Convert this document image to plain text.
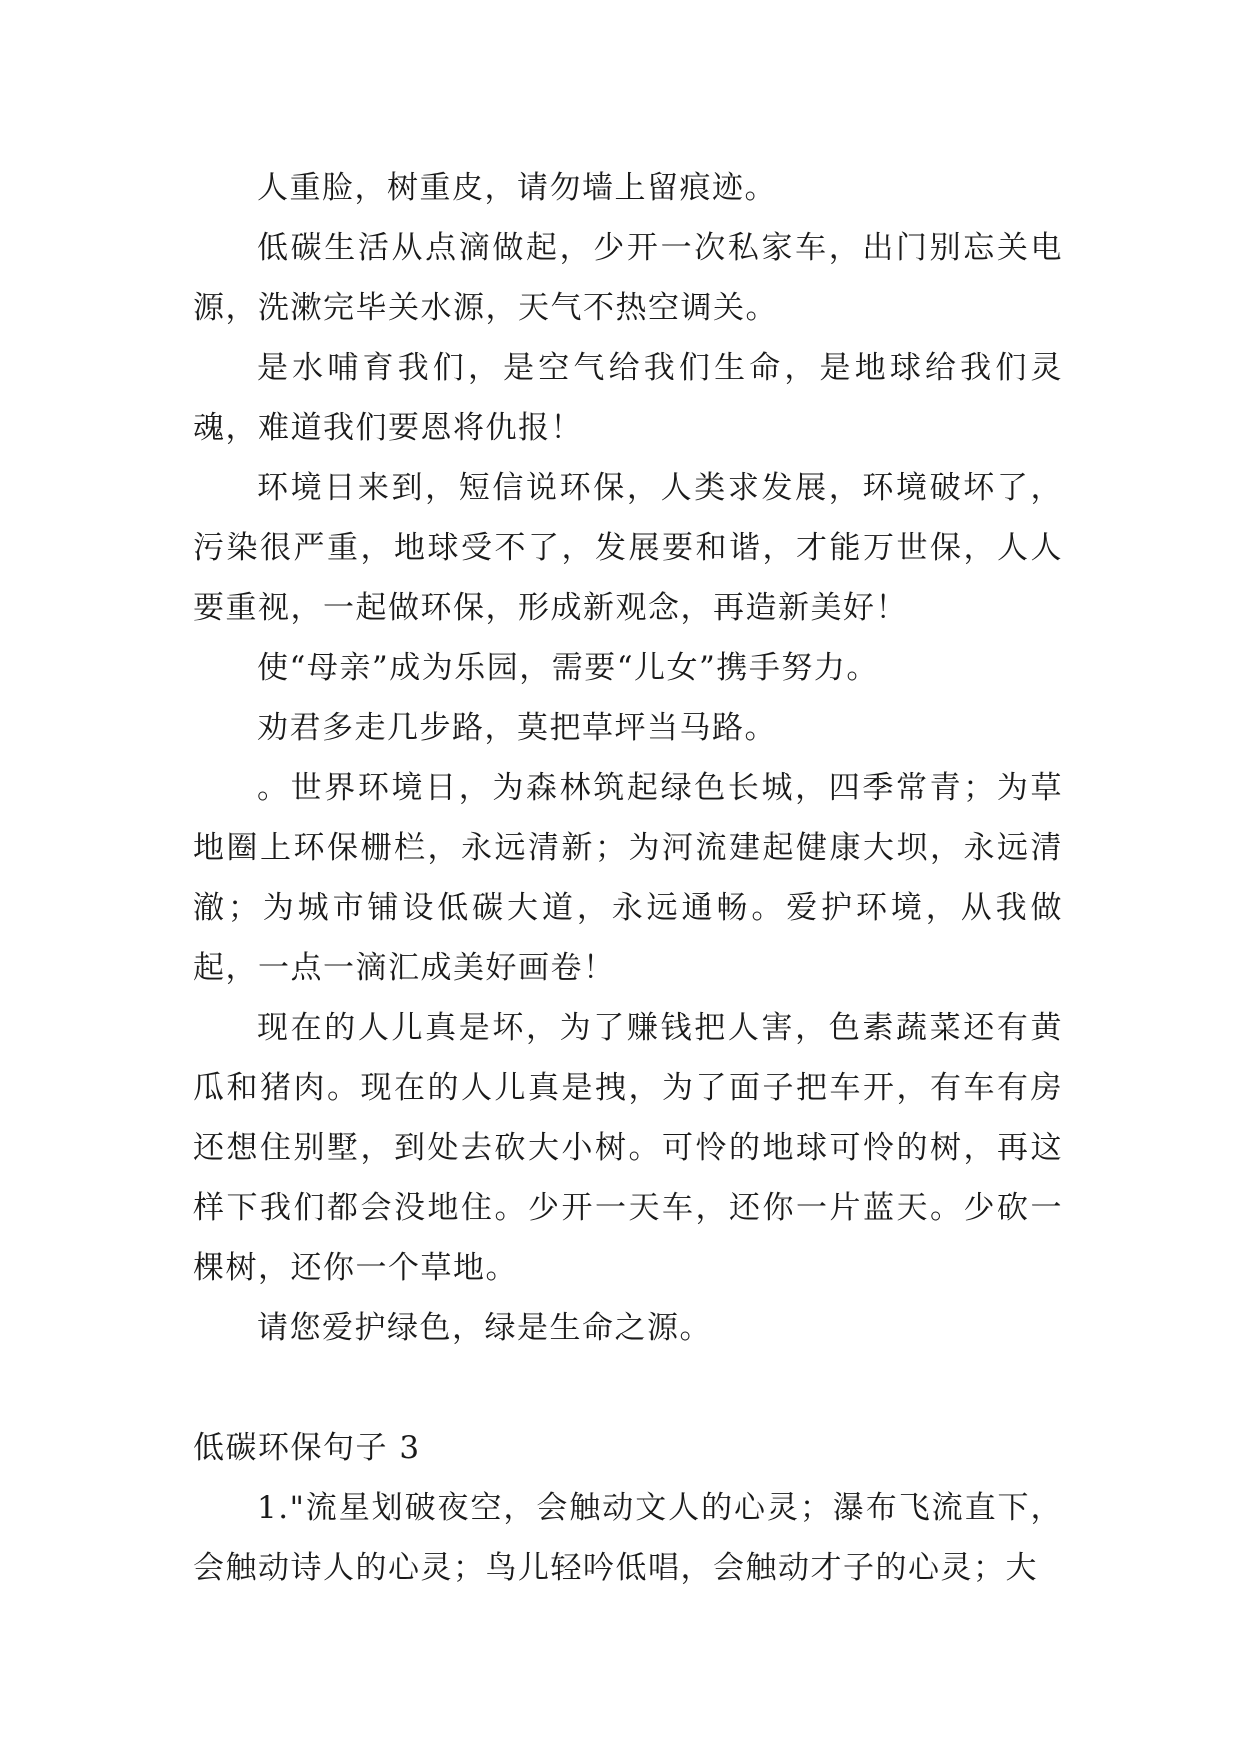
人重脸，树重皮，请勿墙上留痕迹。

低碳生活从点滴做起，少开一次私家车，出门别忘关电源，洗漱完毕关水源，天气不热空调关。

是水哺育我们，是空气给我们生命，是地球给我们灵魂，难道我们要恩将仇报！

环境日来到，短信说环保，人类求发展，环境破坏了，污染很严重，地球受不了，发展要和谐，才能万世保，人人要重视，一起做环保，形成新观念，再造新美好！

使“母亲”成为乐园，需要“儿女”携手努力。

劝君多走几步路，莫把草坪当马路。

。世界环境日，为森林筑起绿色长城，四季常青；为草地圈上环保栅栏，永远清新；为河流建起健康大坝，永远清澈；为城市铺设低碳大道，永远通畅。爱护环境，从我做起，一点一滴汇成美好画卷！

现在的人儿真是坏，为了赚钱把人害，色素蔬菜还有黄瓜和猪肉。现在的人儿真是拽，为了面子把车开，有车有房还想住别墅，到处去砍大小树。可怜的地球可怜的树，再这样下我们都会没地住。少开一天车，还你一片蓝天。少砍一棵树，还你一个草地。

请您爱护绿色，绿是生命之源。

低碳环保句子 3

1."流星划破夜空，会触动文人的心灵；瀑布飞流直下，会触动诗人的心灵；鸟儿轻吟低唱，会触动才子的心灵；大
